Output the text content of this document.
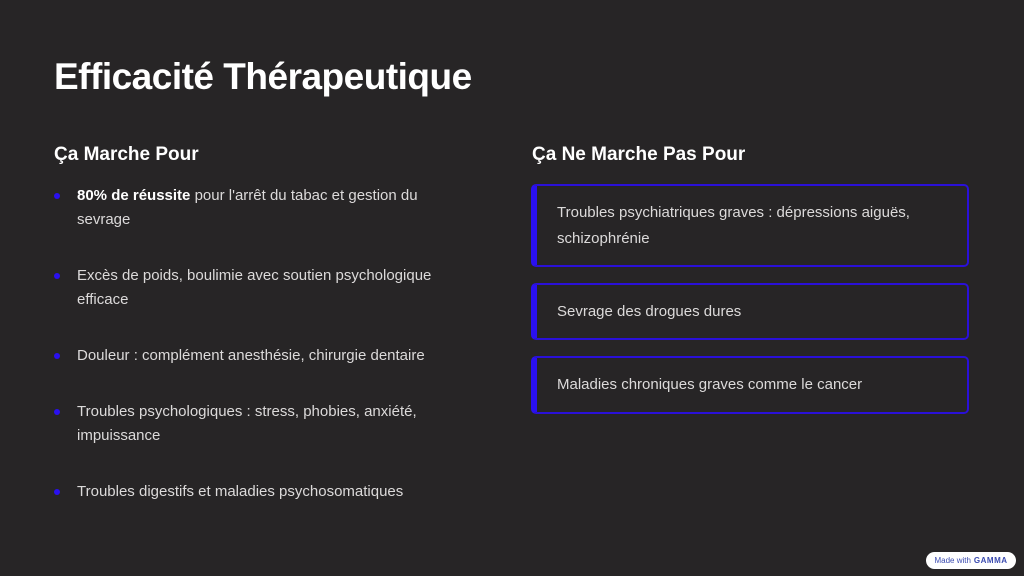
Efficacité Thérapeutique
Ça Marche Pour	Ça Ne Marche Pas Pour
80% de réussite pour l'arrêt du tabac et gestion du sevrage
Excès de poids, boulimie avec soutien psychologique efficace
Douleur : complément anesthésie, chirurgie dentaire
Troubles psychologiques : stress, phobies, anxiété, impuissance
Troubles digestifs et maladies psychosomatiques
Troubles psychiatriques graves : dépressions aiguës, schizophrénie
Sevrage des drogues dures
Maladies chroniques graves comme le cancer
Made with GAMMA
